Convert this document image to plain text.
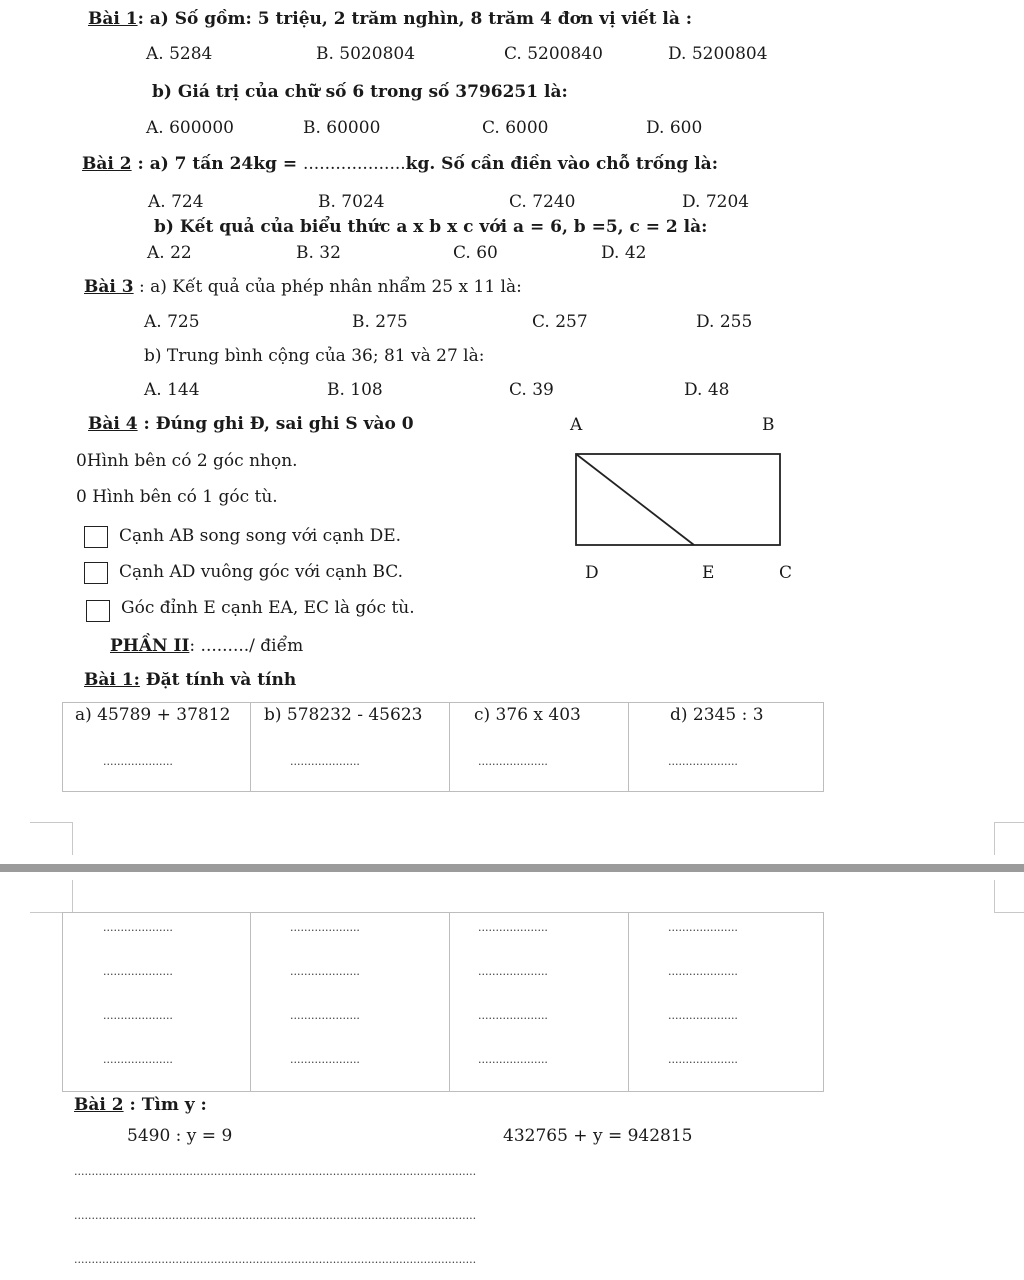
Bài 1: a) Số gồm: 5 triệu, 2 trăm nghìn, 8 trăm 4 đơn vị viết là :
A. 5284	B. 5020804	C. 5200840	D. 5200804
b) Giá trị của chữ số 6 trong số 3796251 là:
A. 600000	B. 60000	C. 6000	D. 600
Bài 2 : a) 7 tấn 24kg = ...................kg. Số cần điền vào chỗ trống là:
A. 724	B. 7024	C. 7240	D. 7204
b) Kết quả của biểu thức a x b x c với a = 6, b =5, c = 2 là:
A. 22	B. 32	C. 60	D. 42
Bài 3 : a) Kết quả của phép nhân nhẩm 25 x 11 là:
A. 725	B. 275	C. 257	D. 255
b) Trung bình cộng của 36; 81 và 27 là:
A. 144	B. 108	C. 39	D. 48
Bài 4 : Đúng ghi Đ, sai ghi S vào 0
0Hình bên có 2 góc nhọn.
0 Hình bên có 1 góc tù.
Cạnh AB song song với cạnh DE.
Cạnh AD vuông góc với cạnh BC.
Góc đỉnh E cạnh EA, EC là góc tù.
A	B
D	E	C
PHẦN II: ........./ điểm
Bài 1: Đặt tính và tính
a) 45789 + 37812 b) 578232 - 45623	c) 376 x 403	d) 2345 : 3
....................	....................	....................	....................
....................	....................	....................	....................
....................	....................	....................	....................
....................	....................	....................	....................
....................	....................	....................	....................
Bài 2 : Tìm y :
5490 : y = 9	432765 + y = 942815
...................................................................................................................
...................................................................................................................
...................................................................................................................
